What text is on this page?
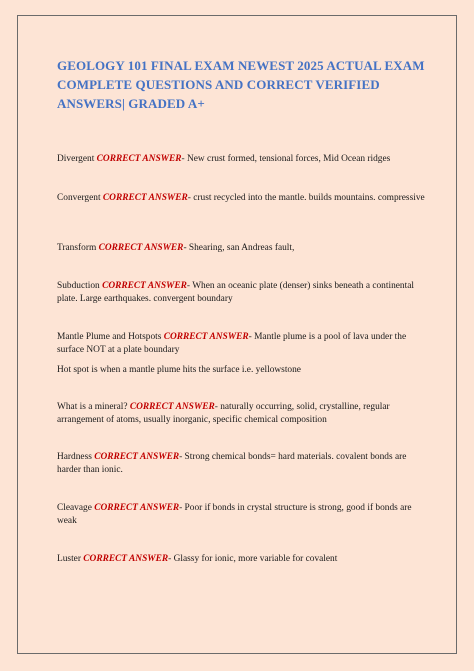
GEOLOGY 101 FINAL EXAM NEWEST 2025 ACTUAL EXAM COMPLETE QUESTIONS AND CORRECT VERIFIED ANSWERS| GRADED A+

Divergent CORRECT ANSWER- New crust formed, tensional forces, Mid Ocean ridges

Convergent CORRECT ANSWER- crust recycled into the mantle. builds mountains. compressive

Transform CORRECT ANSWER- Shearing, san Andreas fault,

Subduction CORRECT ANSWER- When an oceanic plate (denser) sinks beneath a continental plate. Large earthquakes. convergent boundary

Mantle Plume and Hotspots CORRECT ANSWER- Mantle plume is a pool of lava under the surface NOT at a plate boundary

Hot spot is when a mantle plume hits the surface i.e. yellowstone

What is a mineral? CORRECT ANSWER- naturally occurring, solid, crystalline, regular arrangement of atoms, usually inorganic, specific chemical composition

Hardness CORRECT ANSWER- Strong chemical bonds= hard materials. covalent bonds are harder than ionic.

Cleavage CORRECT ANSWER- Poor if bonds in crystal structure is strong, good if bonds are weak

Luster CORRECT ANSWER- Glassy for ionic, more variable for covalent
